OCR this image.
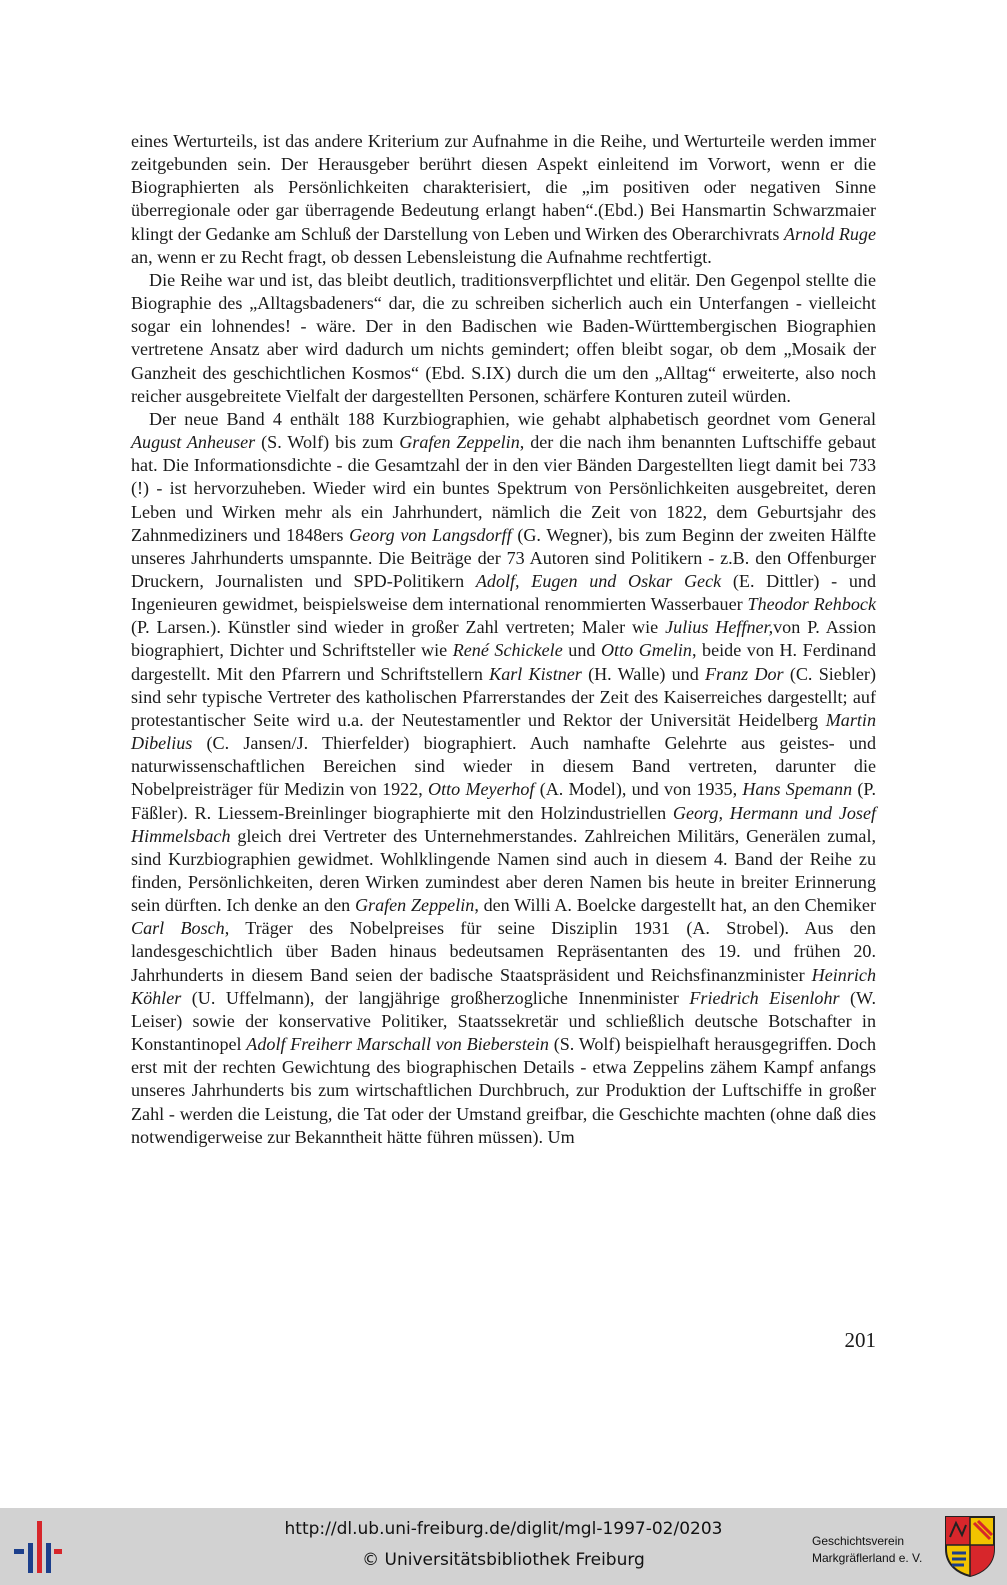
eines Werturteils, ist das andere Kriterium zur Aufnahme in die Reihe, und Werturteile werden immer zeitgebunden sein. Der Herausgeber berührt diesen Aspekt einleitend im Vorwort, wenn er die Biographierten als Persönlichkeiten charakterisiert, die „im positiven oder negativen Sinne überregionale oder gar überragende Bedeutung erlangt haben“.(Ebd.) Bei Hansmartin Schwarzmaier klingt der Gedanke am Schluß der Darstellung von Leben und Wirken des Oberarchivrats Arnold Ruge an, wenn er zu Recht fragt, ob dessen Lebensleistung die Aufnahme rechtfertigt.

Die Reihe war und ist, das bleibt deutlich, traditionsverpflichtet und elitär. Den Gegenpol stellte die Biographie des „Alltagsbadeners“ dar, die zu schreiben sicherlich auch ein Unterfangen - vielleicht sogar ein lohnendes! - wäre. Der in den Badischen wie Baden-Württembergischen Biographien vertretene Ansatz aber wird dadurch um nichts gemindert; offen bleibt sogar, ob dem „Mosaik der Ganzheit des geschichtlichen Kosmos“ (Ebd. S.IX) durch die um den „Alltag“ erweiterte, also noch reicher ausgebreitete Vielfalt der dargestellten Personen, schärfere Konturen zuteil würden.

Der neue Band 4 enthält 188 Kurzbiographien, wie gehabt alphabetisch geordnet vom General August Anheuser (S. Wolf) bis zum Grafen Zeppelin, der die nach ihm benannten Luftschiffe gebaut hat. Die Informationsdichte - die Gesamtzahl der in den vier Bänden Dargestellten liegt damit bei 733 (!) - ist hervorzuheben. Wieder wird ein buntes Spektrum von Persönlichkeiten ausgebreitet, deren Leben und Wirken mehr als ein Jahrhundert, nämlich die Zeit von 1822, dem Geburtsjahr des Zahnmediziners und 1848ers Georg von Langsdorff (G. Wegner), bis zum Beginn der zweiten Hälfte unseres Jahrhunderts umspannte. Die Beiträge der 73 Autoren sind Politikern - z.B. den Offenburger Druckern, Journalisten und SPD-Politikern Adolf, Eugen und Oskar Geck (E. Dittler) - und Ingenieuren gewidmet, beispielsweise dem international renommierten Wasserbauer Theodor Rehbock (P. Larsen.). Künstler sind wieder in großer Zahl vertreten; Maler wie Julius Heffner,von P. Assion biographiert, Dichter und Schriftsteller wie René Schickele und Otto Gmelin, beide von H. Ferdinand dargestellt. Mit den Pfarrern und Schriftstellern Karl Kistner (H. Walle) und Franz Dor (C. Siebler) sind sehr typische Vertreter des katholischen Pfarrerstandes der Zeit des Kaiserreiches dargestellt; auf protestantischer Seite wird u.a. der Neutestamentler und Rektor der Universität Heidelberg Martin Dibelius (C. Jansen/J. Thierfelder) biographiert. Auch namhafte Gelehrte aus geistes- und naturwissenschaftlichen Bereichen sind wieder in diesem Band vertreten, darunter die Nobelpreisträger für Medizin von 1922, Otto Meyerhof (A. Model), und von 1935, Hans Spemann (P. Fäßler). R. Liessem-Breinlinger biographierte mit den Holzindustriellen Georg, Hermann und Josef Himmelsbach gleich drei Vertreter des Unternehmerstandes. Zahlreichen Militärs, Generälen zumal, sind Kurzbiographien gewidmet. Wohlklingende Namen sind auch in diesem 4. Band der Reihe zu finden, Persönlichkeiten, deren Wirken zumindest aber deren Namen bis heute in breiter Erinnerung sein dürften. Ich denke an den Grafen Zeppelin, den Willi A. Boelcke dargestellt hat, an den Chemiker Carl Bosch, Träger des Nobelpreises für seine Disziplin 1931 (A. Strobel). Aus den landesgeschichtlich über Baden hinaus bedeutsamen Repräsentanten des 19. und frühen 20. Jahrhunderts in diesem Band seien der badische Staatspräsident und Reichsfinanzminister Heinrich Köhler (U. Uffelmann), der langjährige großherzogliche Innenminister Friedrich Eisenlohr (W. Leiser) sowie der konservative Politiker, Staatssekretär und schließlich deutsche Botschafter in Konstantinopel Adolf Freiherr Marschall von Bieberstein (S. Wolf) beispielhaft herausgegriffen. Doch erst mit der rechten Gewichtung des biographischen Details - etwa Zeppelins zähem Kampf anfangs unseres Jahrhunderts bis zum wirtschaftlichen Durchbruch, zur Produktion der Luftschiffe in großer Zahl - werden die Leistung, die Tat oder der Umstand greifbar, die Geschichte machten (ohne daß dies notwendigerweise zur Bekanntheit hätte führen müssen). Um

201
http://dl.ub.uni-freiburg.de/diglit/mgl-1997-02/0203
© Universitätsbibliothek Freiburg
Geschichtsverein
Markgräflerland e. V.
